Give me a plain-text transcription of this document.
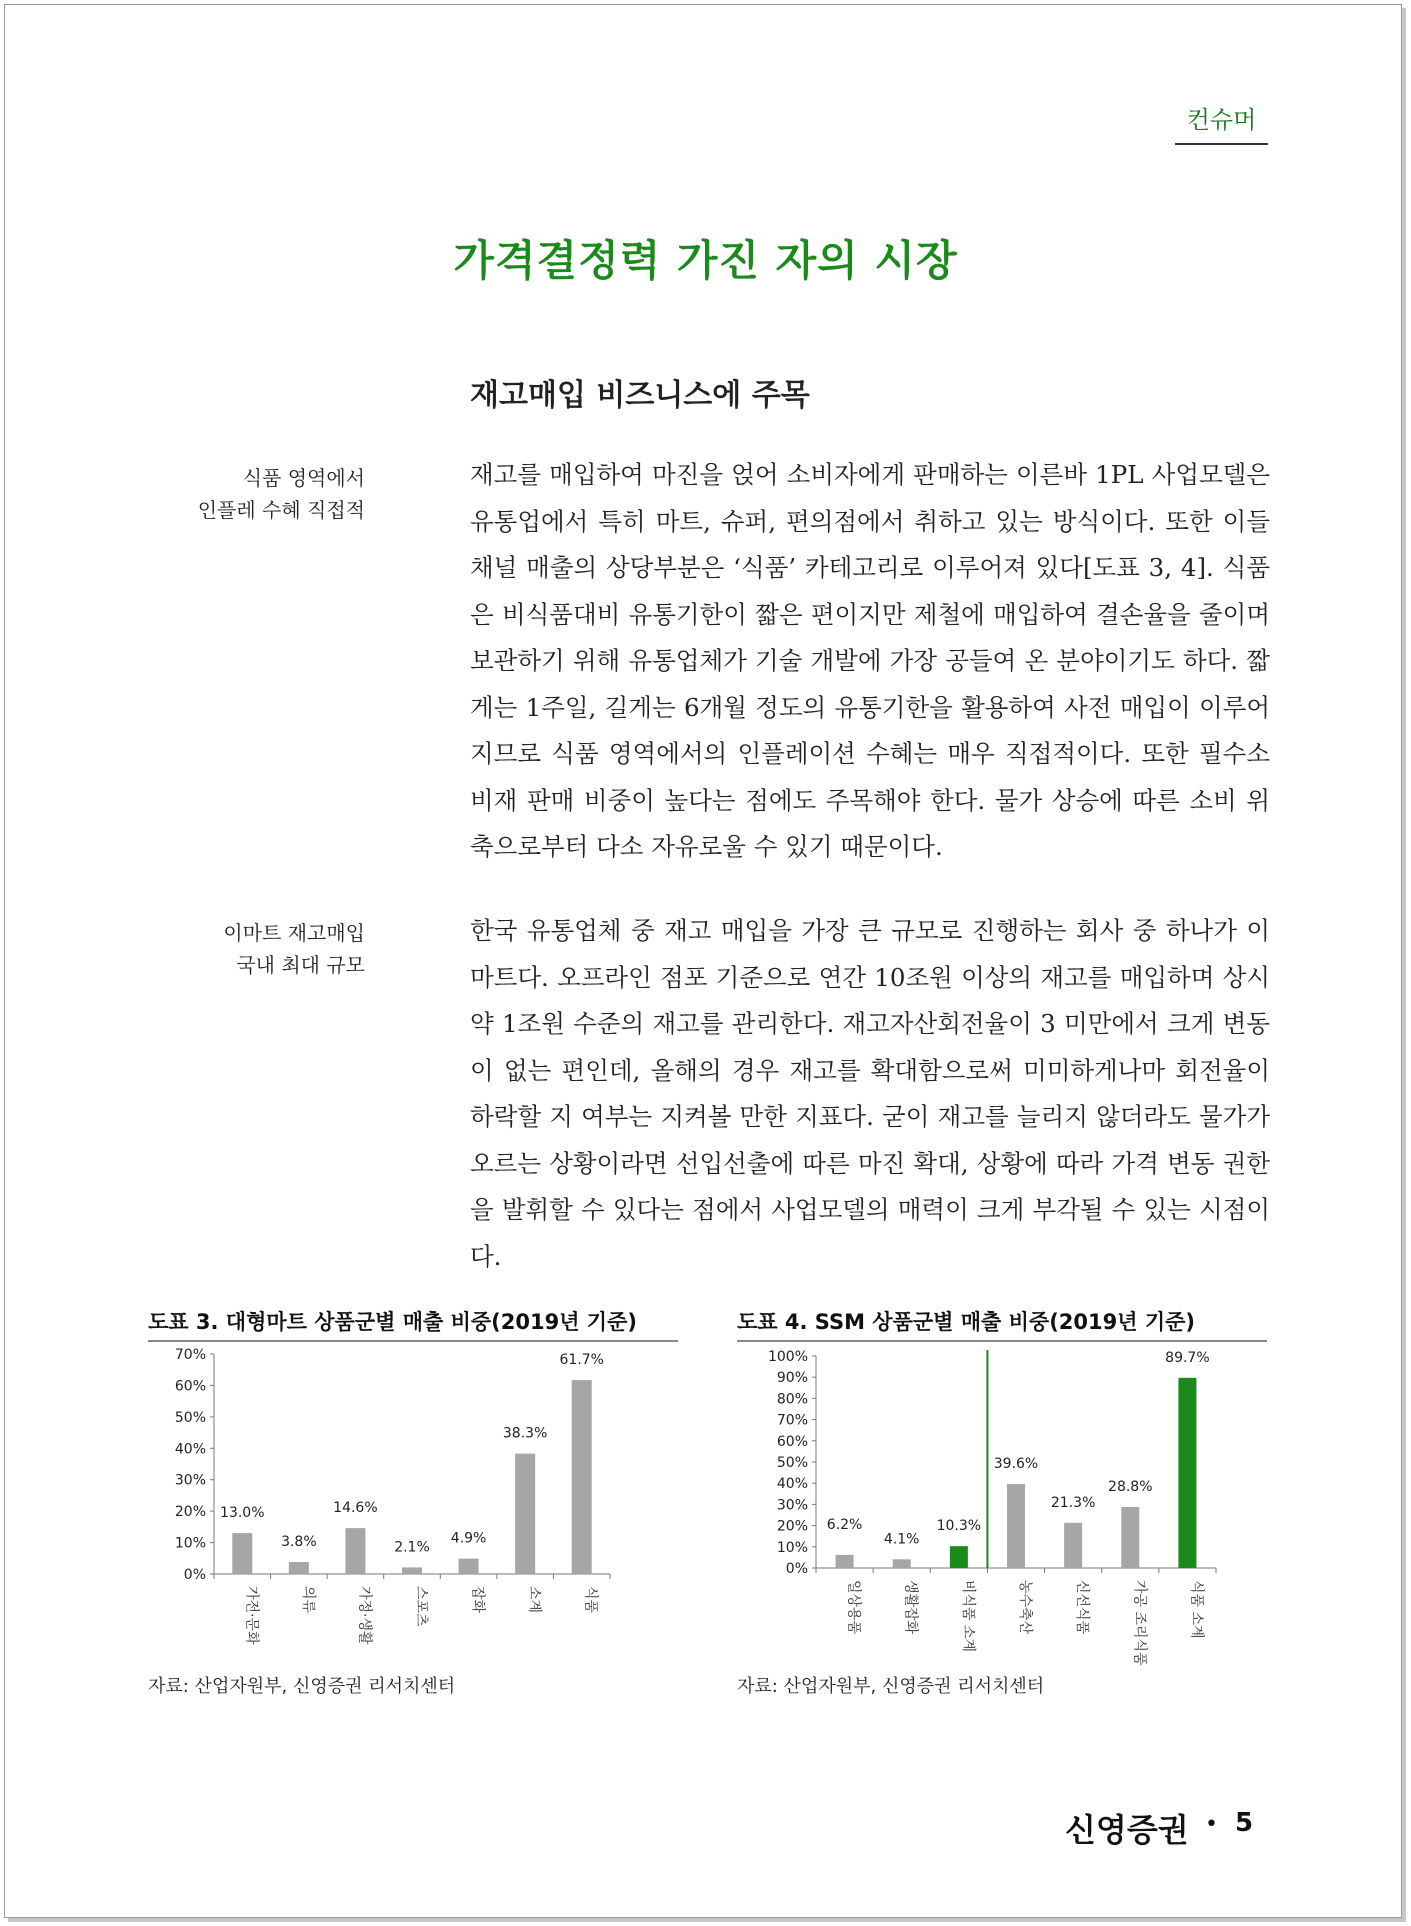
컨슈머
가격결정력 가진 자의 시장
재고매입 비즈니스에 주목
식품 영역에서
인플레 수혜 직접적

재고를 매입하여 마진을 얹어 소비자에게 판매하는 이른바 1PL 사업모델은 유통업에서 특히 마트, 슈퍼, 편의점에서 취하고 있는 방식이다. 또한 이들 채널 매출의 상당부분은 ‘식품’ 카테고리로 이루어져 있다[도표 3, 4]. 식품은 비식품대비 유통기한이 짧은 편이지만 제철에 매입하여 결손율을 줄이며 보관하기 위해 유통업체가 기술 개발에 가장 공들여 온 분야이기도 하다. 짧게는 1주일, 길게는 6개월 정도의 유통기한을 활용하여 사전 매입이 이루어지므로 식품 영역에서의 인플레이션 수혜는 매우 직접적이다. 또한 필수소비재 판매 비중이 높다는 점에도 주목해야 한다. 물가 상승에 따른 소비 위축으로부터 다소 자유로울 수 있기 때문이다.

이마트 재고매입
국내 최대 규모

한국 유통업체 중 재고 매입을 가장 큰 규모로 진행하는 회사 중 하나가 이마트다. 오프라인 점포 기준으로 연간 10조원 이상의 재고를 매입하며 상시 약 1조원 수준의 재고를 관리한다. 재고자산회전율이 3 미만에서 크게 변동이 없는 편인데, 올해의 경우 재고를 확대함으로써 미미하게나마 회전율이 하락할 지 여부는 지켜볼 만한 지표다. 굳이 재고를 늘리지 않더라도 물가가 오르는 상황이라면 선입선출에 따른 마진 확대, 상황에 따라 가격 변동 권한을 발휘할 수 있다는 점에서 사업모델의 매력이 크게 부각될 수 있는 시점이다.

도표 3. 대형마트 상품군별 매출 비중(2019년 기준)
0%
10%
20%
30%
40%
50%
60%
70%
13.0%
가전·문화
3.8%
의류
14.6%
가정·생활
2.1%
스포츠
4.9%
잡화
38.3%
소계
61.7%
식품
자료: 산업자원부, 신영증권 리서치센터
도표 4. SSM 상품군별 매출 비중(2019년 기준)
0%
10%
20%
30%
40%
50%
60%
70%
80%
90%
100%
6.2%
일상용품
4.1%
생활잡화
10.3%
비식품 소계
39.6%
농수축산
21.3%
신선식품
28.8%
가공 조리식품
89.7%
식품 소계
자료: 산업자원부, 신영증권 리서치센터
신영증권 • 5
